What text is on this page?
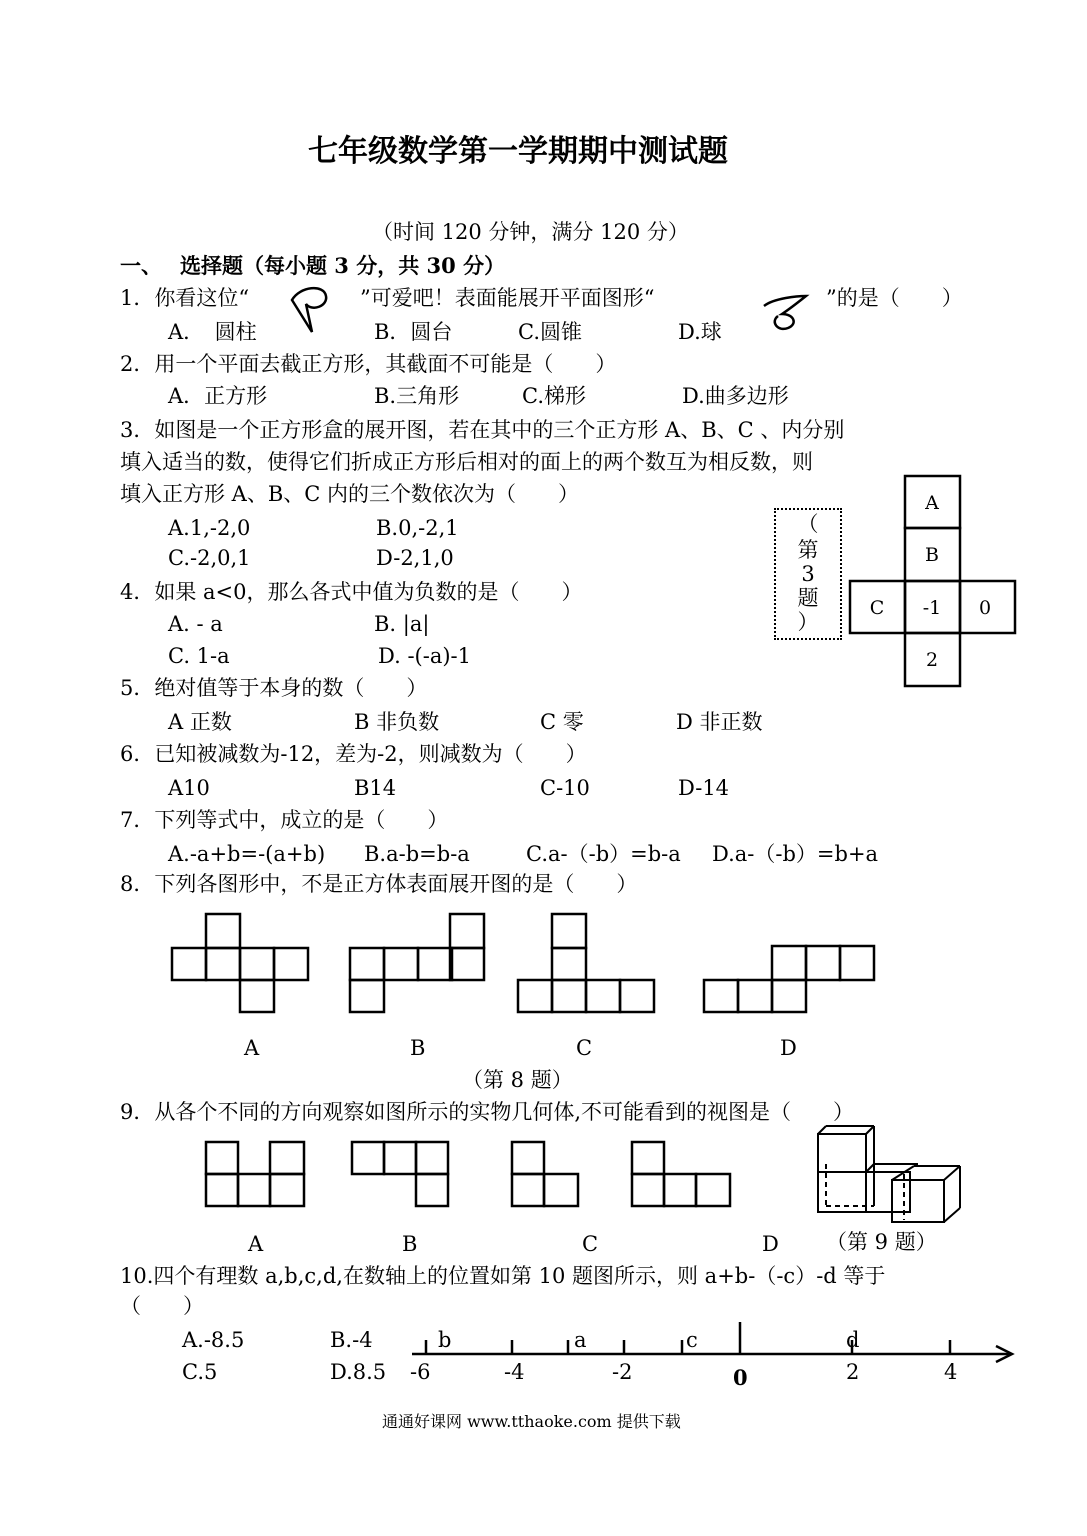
七年级数学第一学期期中测试题
（时间 120 分钟，满分 120 分）
一、 选择题（每小题 3 分，共 30 分）
1．你看这位“	”可爱吧！表面能展开平面图形“	”的是（　　）
A．　圆柱	B．圆台	C.圆锥	D.球
2．用一个平面去截正方形，其截面不可能是（　　）
A．正方形	B.三角形	C.梯形	D.曲多边形
3．如图是一个正方形盒的展开图，若在其中的三个正方形 A、B、C 、内分别
填入适当的数，使得它们折成正方形后相对的面上的两个数互为相反数，则
填入正方形 A、B、C 内的三个数依次为（　　）
A.1,-2,0	B.0,-2,1
C.-2,0,1	D-2,1,0
（
第
3
题
）
A
B
C	-1	0
2
4．如果 a<0，那么各式中值为负数的是（　　）
A. - a	B. |a|
C. 1-a	D. -(-a)-1
5．绝对值等于本身的数（　　）
A 正数	B 非负数	C 零	D 非正数
6．已知被减数为-12，差为-2，则减数为（　　）
A10	B14	C-10	D-14
7．下列等式中，成立的是（　　）
A.-a+b=-(a+b) B.a-b=b-a	C.a-（-b）=b-a D.a-（-b）=b+a
8．下列各图形中，不是正方体表面展开图的是（　　）
A	B	C	D
（第 8 题）
9．从各个不同的方向观察如图所示的实物几何体,不可能看到的视图是（　　）
A	B	C	D （第 9 题）
10.四个有理数 a,b,c,d,在数轴上的位置如第 10 题图所示，则 a+b-（-c）-d 等于
（　　）
A.-8.5	B.-4
C.5	D.8.5 -6	-4	-2	0	2	4
b	a	c	d
通通好课网 www.tthaoke.com 提供下载
